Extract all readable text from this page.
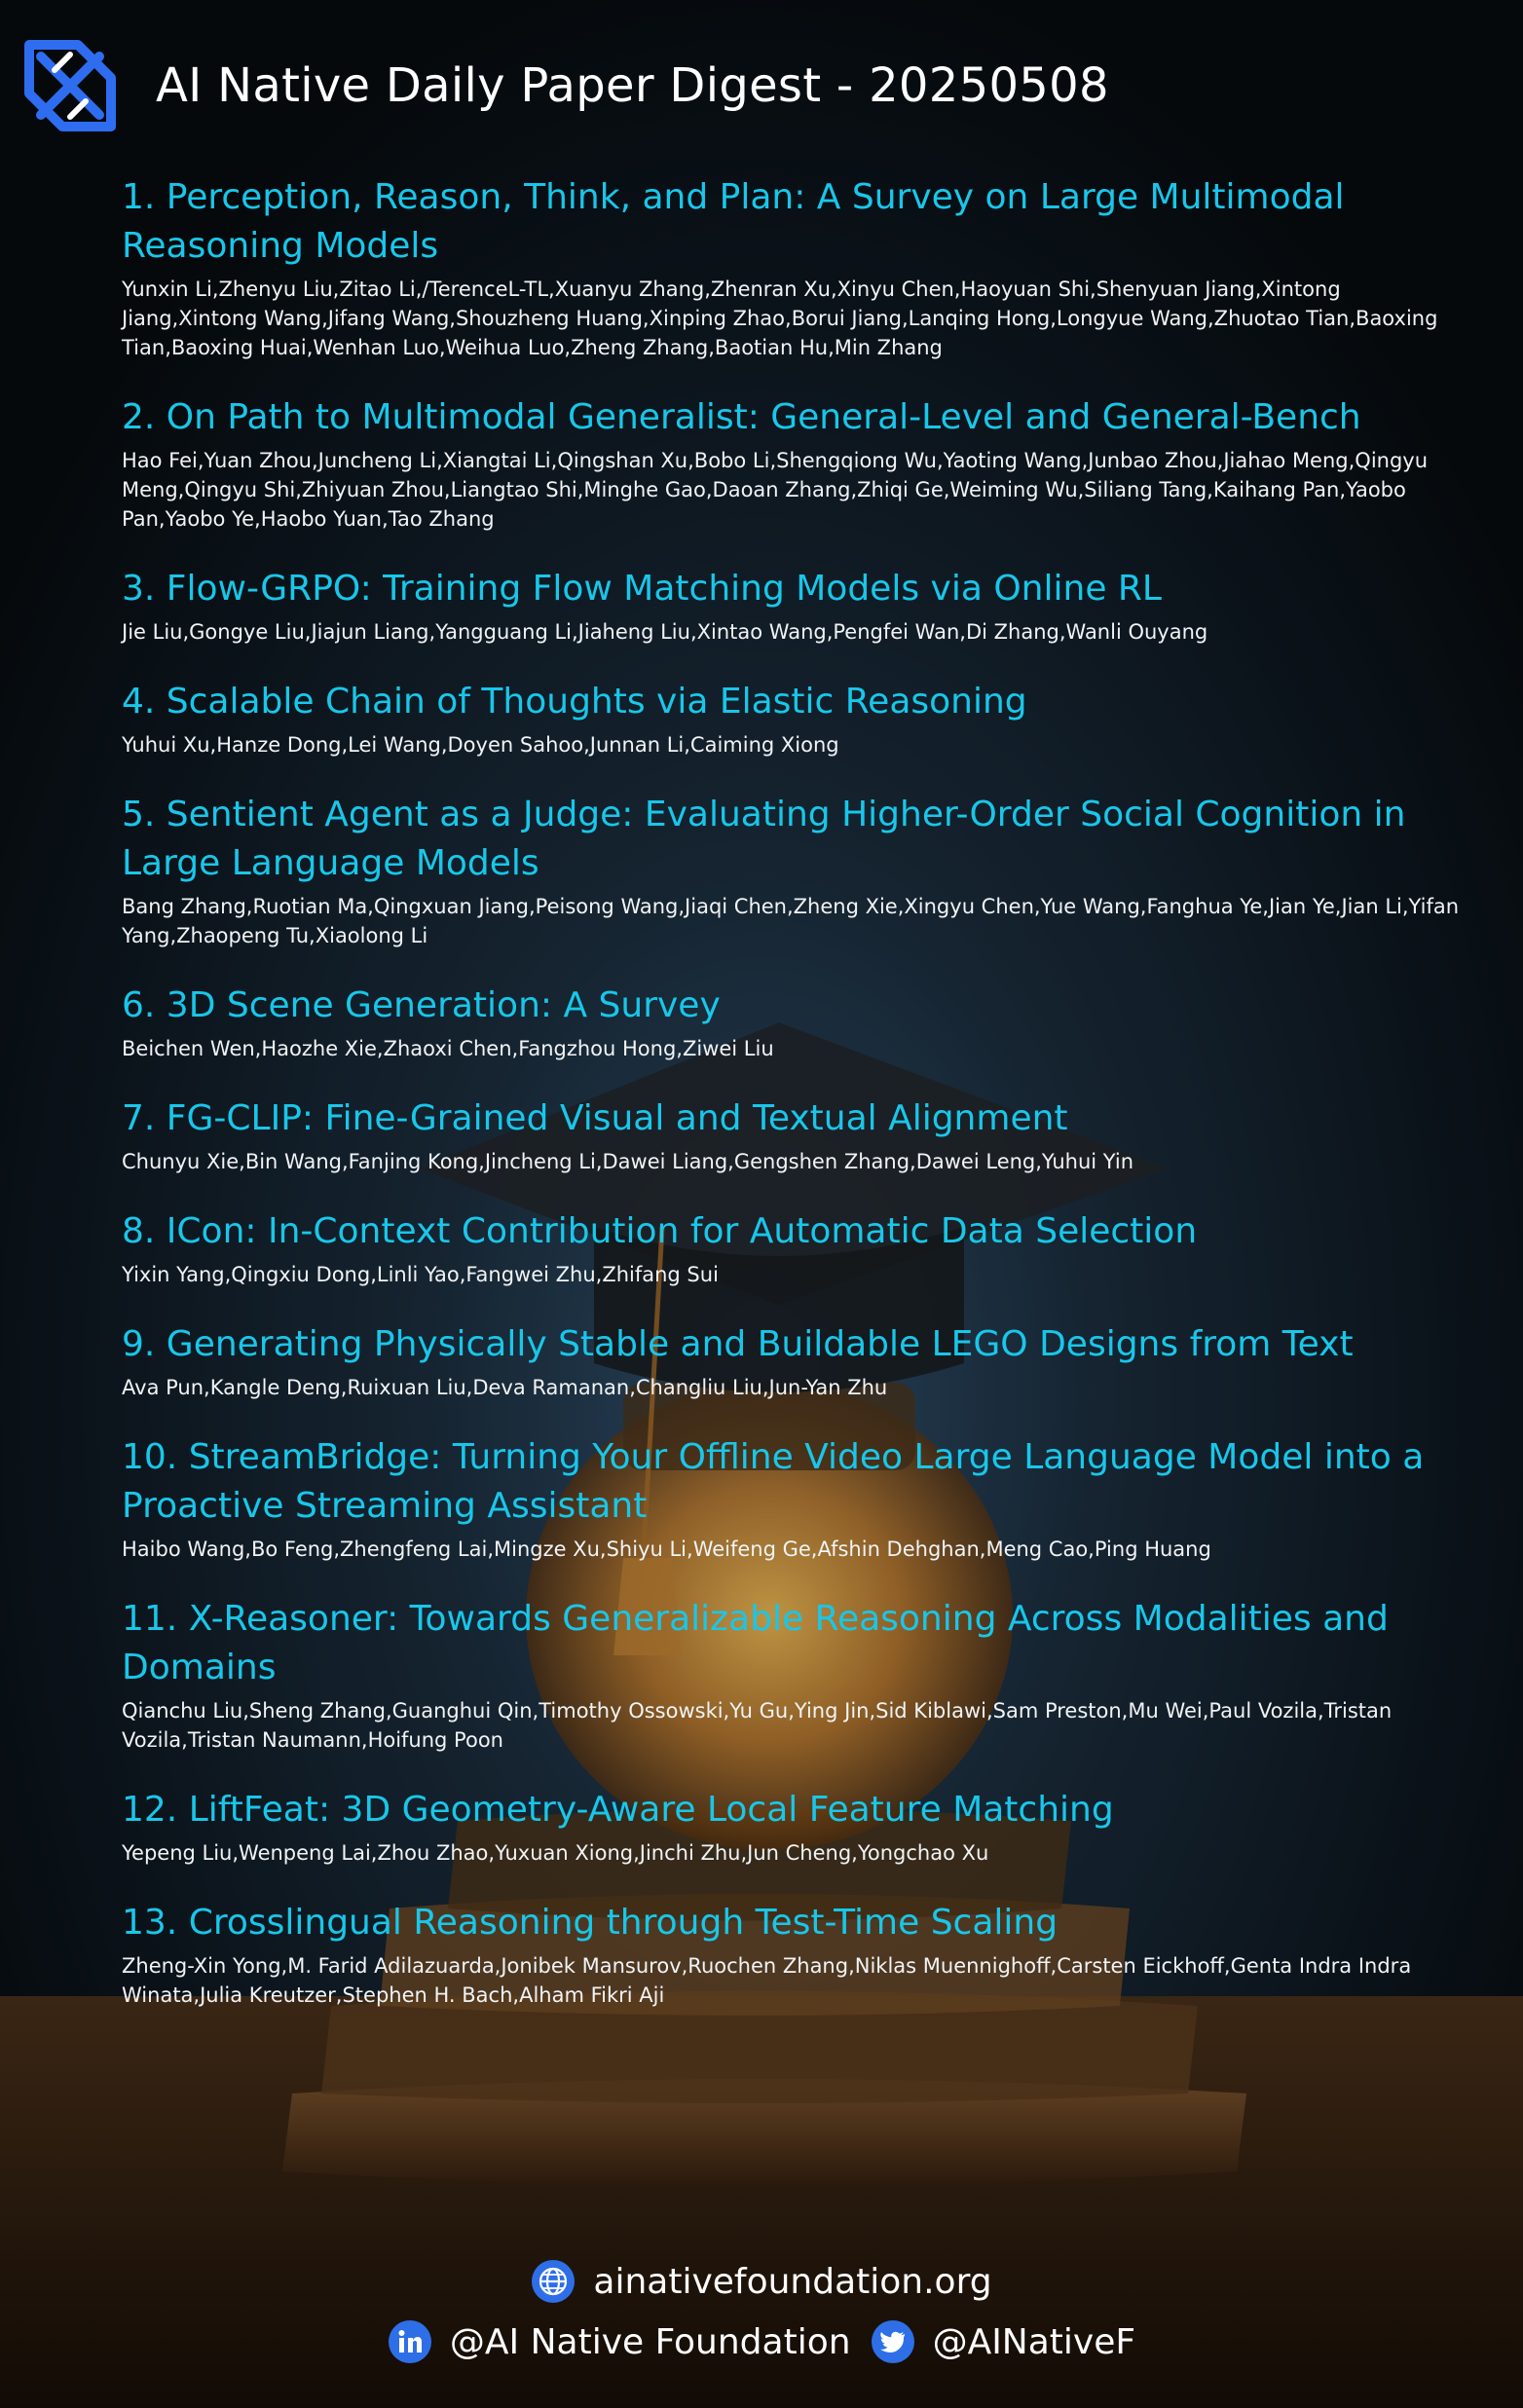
AI Native Daily Paper Digest - 20250508

1. Perception, Reason, Think, and Plan: A Survey on Large Multimodal Reasoning Models

Yunxin Li,Zhenyu Liu,Zitao Li,/TerenceL-TL,Xuanyu Zhang,Zhenran Xu,Xinyu Chen,Haoyuan Shi,Shenyuan Jiang,Xintong Jiang,Xintong Wang,Jifang Wang,Shouzheng Huang,Xinping Zhao,Borui Jiang,Lanqing Hong,Longyue Wang,Zhuotao Tian,Baoxing Tian,Baoxing Huai,Wenhan Luo,Weihua Luo,Zheng Zhang,Baotian Hu,Min Zhang

2. On Path to Multimodal Generalist: General-Level and General-Bench

Hao Fei,Yuan Zhou,Juncheng Li,Xiangtai Li,Qingshan Xu,Bobo Li,Shengqiong Wu,Yaoting Wang,Junbao Zhou,Jiahao Meng,Qingyu Meng,Qingyu Shi,Zhiyuan Zhou,Liangtao Shi,Minghe Gao,Daoan Zhang,Zhiqi Ge,Weiming Wu,Siliang Tang,Kaihang Pan,Yaobo Pan,Yaobo Ye,Haobo Yuan,Tao Zhang

3. Flow-GRPO: Training Flow Matching Models via Online RL

Jie Liu,Gongye Liu,Jiajun Liang,Yangguang Li,Jiaheng Liu,Xintao Wang,Pengfei Wan,Di Zhang,Wanli Ouyang

4. Scalable Chain of Thoughts via Elastic Reasoning

Yuhui Xu,Hanze Dong,Lei Wang,Doyen Sahoo,Junnan Li,Caiming Xiong

5. Sentient Agent as a Judge: Evaluating Higher-Order Social Cognition in Large Language Models

Bang Zhang,Ruotian Ma,Qingxuan Jiang,Peisong Wang,Jiaqi Chen,Zheng Xie,Xingyu Chen,Yue Wang,Fanghua Ye,Jian Ye,Jian Li,Yifan Yang,Zhaopeng Tu,Xiaolong Li

6. 3D Scene Generation: A Survey

Beichen Wen,Haozhe Xie,Zhaoxi Chen,Fangzhou Hong,Ziwei Liu

7. FG-CLIP: Fine-Grained Visual and Textual Alignment

Chunyu Xie,Bin Wang,Fanjing Kong,Jincheng Li,Dawei Liang,Gengshen Zhang,Dawei Leng,Yuhui Yin

8. ICon: In-Context Contribution for Automatic Data Selection

Yixin Yang,Qingxiu Dong,Linli Yao,Fangwei Zhu,Zhifang Sui

9. Generating Physically Stable and Buildable LEGO Designs from Text

Ava Pun,Kangle Deng,Ruixuan Liu,Deva Ramanan,Changliu Liu,Jun-Yan Zhu

10. StreamBridge: Turning Your Offline Video Large Language Model into a Proactive Streaming Assistant

Haibo Wang,Bo Feng,Zhengfeng Lai,Mingze Xu,Shiyu Li,Weifeng Ge,Afshin Dehghan,Meng Cao,Ping Huang

11. X-Reasoner: Towards Generalizable Reasoning Across Modalities and Domains

Qianchu Liu,Sheng Zhang,Guanghui Qin,Timothy Ossowski,Yu Gu,Ying Jin,Sid Kiblawi,Sam Preston,Mu Wei,Paul Vozila,Tristan Vozila,Tristan Naumann,Hoifung Poon

12. LiftFeat: 3D Geometry-Aware Local Feature Matching

Yepeng Liu,Wenpeng Lai,Zhou Zhao,Yuxuan Xiong,Jinchi Zhu,Jun Cheng,Yongchao Xu

13. Crosslingual Reasoning through Test-Time Scaling

Zheng-Xin Yong,M. Farid Adilazuarda,Jonibek Mansurov,Ruochen Zhang,Niklas Muennighoff,Carsten Eickhoff,Genta Indra Indra Winata,Julia Kreutzer,Stephen H. Bach,Alham Fikri Aji

ainativefoundation.org
@AI Native Foundation @AINativeF
